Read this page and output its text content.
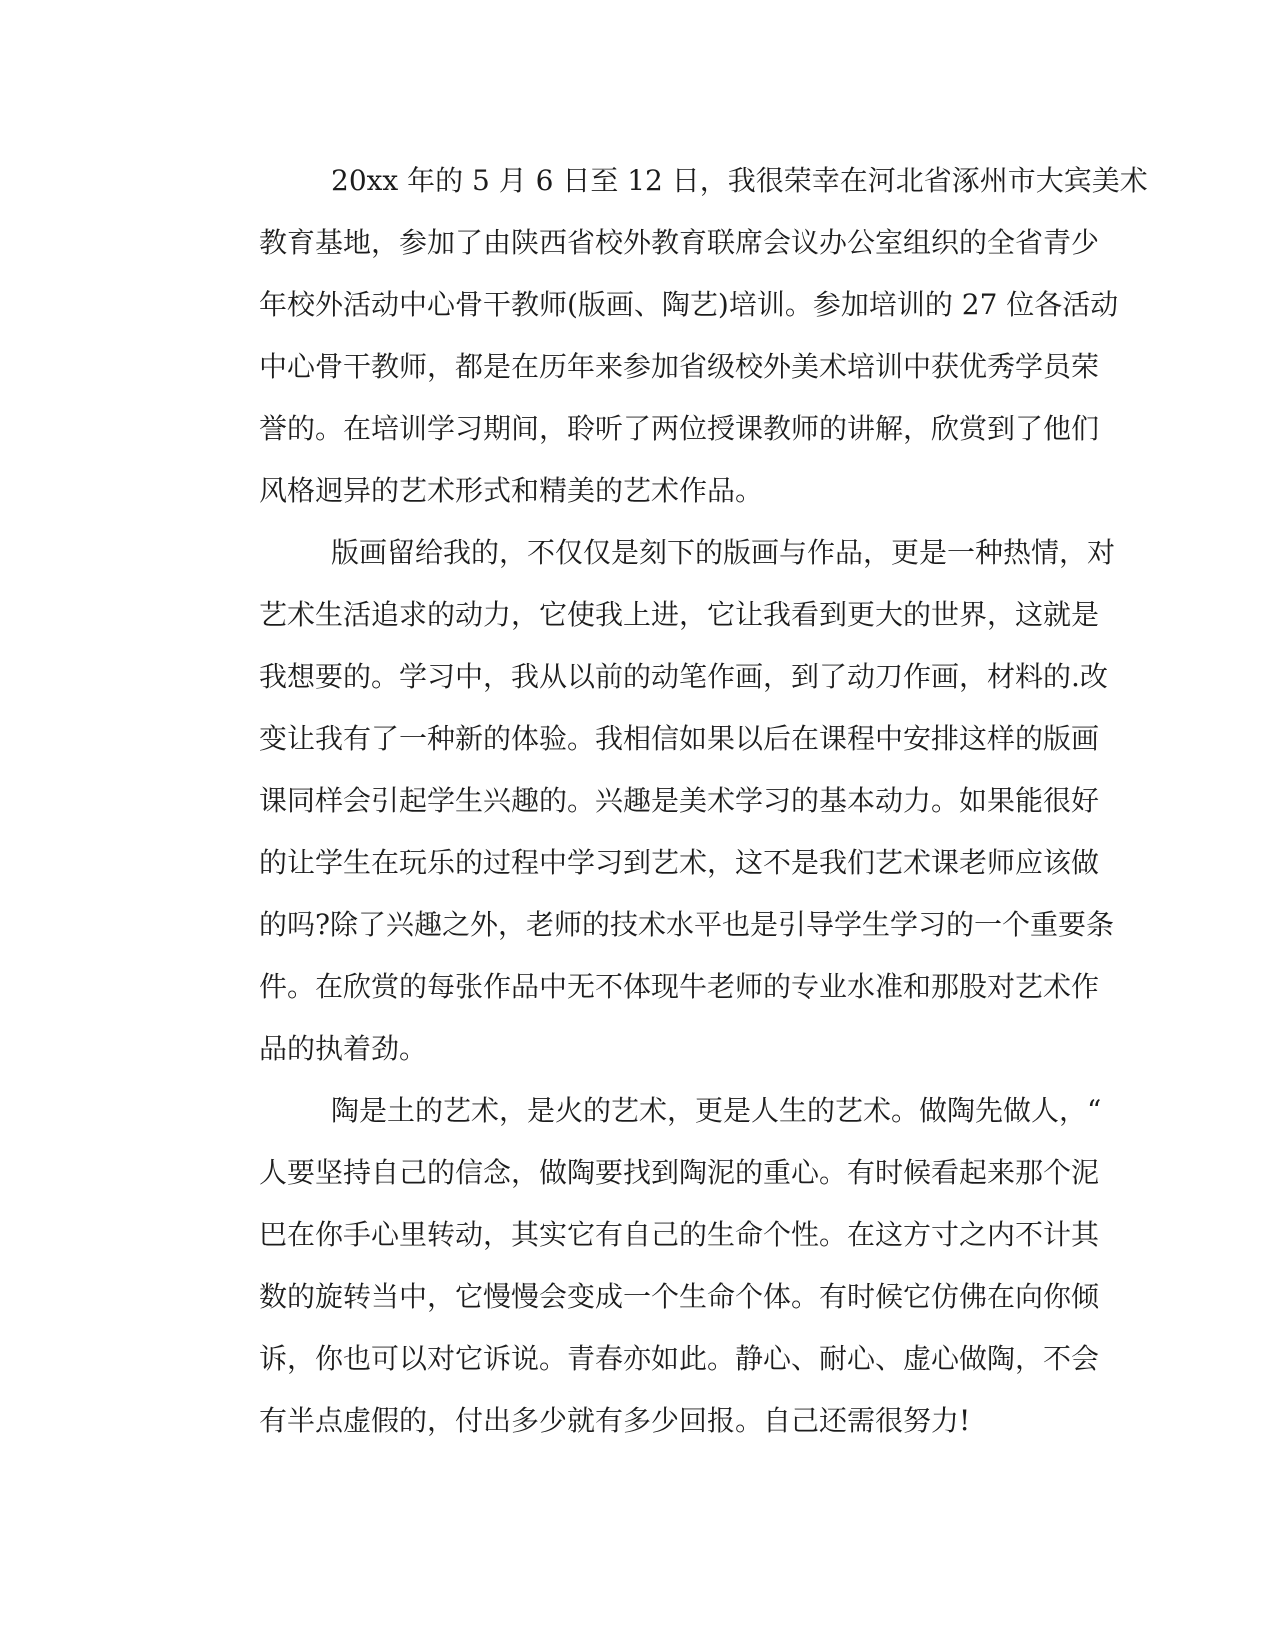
20xx 年的 5 月 6 日至 12 日，我很荣幸在河北省涿州市大宾美术
教育基地，参加了由陕西省校外教育联席会议办公室组织的全省青少
年校外活动中心骨干教师(版画、陶艺)培训。参加培训的 27 位各活动
中心骨干教师，都是在历年来参加省级校外美术培训中获优秀学员荣
誉的。在培训学习期间，聆听了两位授课教师的讲解，欣赏到了他们
风格迥异的艺术形式和精美的艺术作品。
版画留给我的，不仅仅是刻下的版画与作品，更是一种热情，对
艺术生活追求的动力，它使我上进，它让我看到更大的世界，这就是
我想要的。学习中，我从以前的动笔作画，到了动刀作画，材料的.改
变让我有了一种新的体验。我相信如果以后在课程中安排这样的版画
课同样会引起学生兴趣的。兴趣是美术学习的基本动力。如果能很好
的让学生在玩乐的过程中学习到艺术，这不是我们艺术课老师应该做
的吗?除了兴趣之外，老师的技术水平也是引导学生学习的一个重要条
件。在欣赏的每张作品中无不体现牛老师的专业水准和那股对艺术作
品的执着劲。
陶是土的艺术，是火的艺术，更是人生的艺术。做陶先做人，“
人要坚持自己的信念，做陶要找到陶泥的重心。有时候看起来那个泥
巴在你手心里转动，其实它有自己的生命个性。在这方寸之内不计其
数的旋转当中，它慢慢会变成一个生命个体。有时候它仿佛在向你倾
诉，你也可以对它诉说。青春亦如此。静心、耐心、虚心做陶，不会
有半点虚假的，付出多少就有多少回报。自己还需很努力!
